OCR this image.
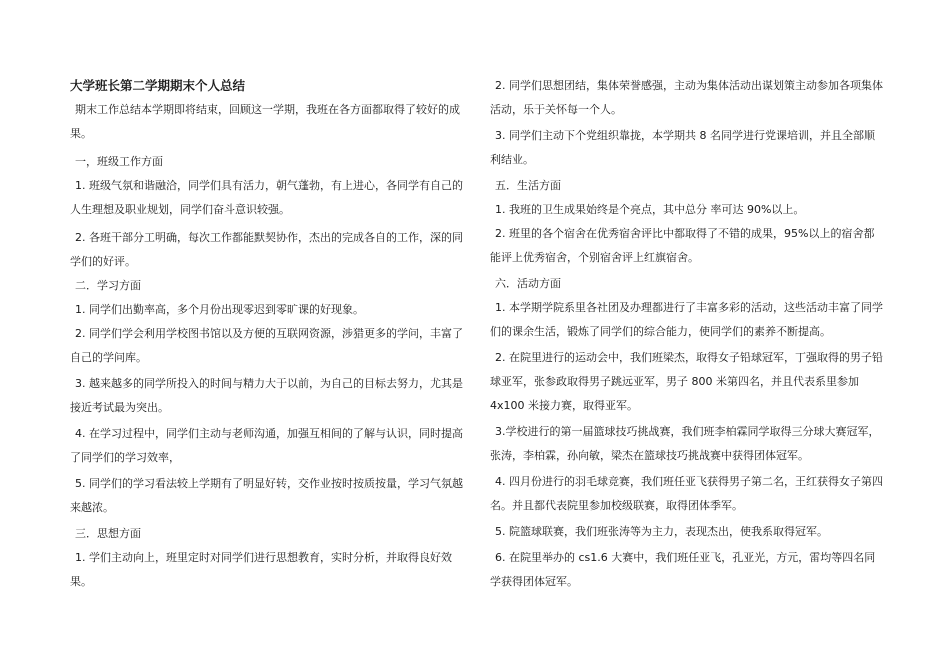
大学班长第二学期期末个人总结
期末工作总结本学期即将结束，回顾这一学期，我班在各方面都取得了较好的成果。
一，班级工作方面
1. 班级气氛和谐融洽，同学们具有活力，朝气蓬勃，有上进心，各同学有自己的人生理想及职业规划，同学们奋斗意识较强。
2. 各班干部分工明确，每次工作都能默契协作，杰出的完成各自的工作，深的同学们的好评。
二．学习方面
1. 同学们出勤率高，多个月份出现零迟到零旷课的好现象。
2. 同学们学会利用学校图书馆以及方便的互联网资源，涉猎更多的学问，丰富了自己的学问库。
3. 越来越多的同学所投入的时间与精力大于以前，为自己的目标去努力，尤其是接近考试最为突出。
4. 在学习过程中，同学们主动与老师沟通，加强互相间的了解与认识，同时提高了同学们的学习效率，
5. 同学们的学习看法较上学期有了明显好转，交作业按时按质按量，学习气氛越来越浓。
三．思想方面
1. 学们主动向上，班里定时对同学们进行思想教育，实时分析，并取得良好效果。
2. 同学们思想团结，集体荣誉感强，主动为集体活动出谋划策主动参加各项集体活动，乐于关怀每一个人。
3. 同学们主动下个党组织靠拢，本学期共 8 名同学进行党课培训，并且全部顺利结业。
五．生活方面
1. 我班的卫生成果始终是个亮点，其中总分 率可达 90%以上。
2. 班里的各个宿舍在优秀宿舍评比中都取得了不错的成果，95%以上的宿舍都能评上优秀宿舍，个别宿舍评上红旗宿舍。
六．活动方面
1. 本学期学院系里各社团及办理都进行了丰富多彩的活动，这些活动丰富了同学们的课余生活，锻炼了同学们的综合能力，使同学们的素养不断提高。
2. 在院里进行的运动会中，我们班梁杰，取得女子铅球冠军，丁强取得的男子铅球亚军，张参政取得男子跳远亚军，男子 800 米第四名，并且代表系里参加 4x100 米接力赛，取得亚军。
3.学校进行的第一届篮球技巧挑战赛，我们班李柏霖同学取得三分球大赛冠军，张涛，李柏霖，孙向敏，梁杰在篮球技巧挑战赛中获得团体冠军。
4. 四月份进行的羽毛球竞赛，我们班任亚飞获得男子第二名，王红获得女子第四名。并且都代表院里参加校级联赛，取得团体季军。
5. 院篮球联赛，我们班张涛等为主力，表现杰出，使我系取得冠军。
6. 在院里举办的 cs1.6 大赛中，我们班任亚飞，孔亚光，方元，雷均等四名同学获得团体冠军。
